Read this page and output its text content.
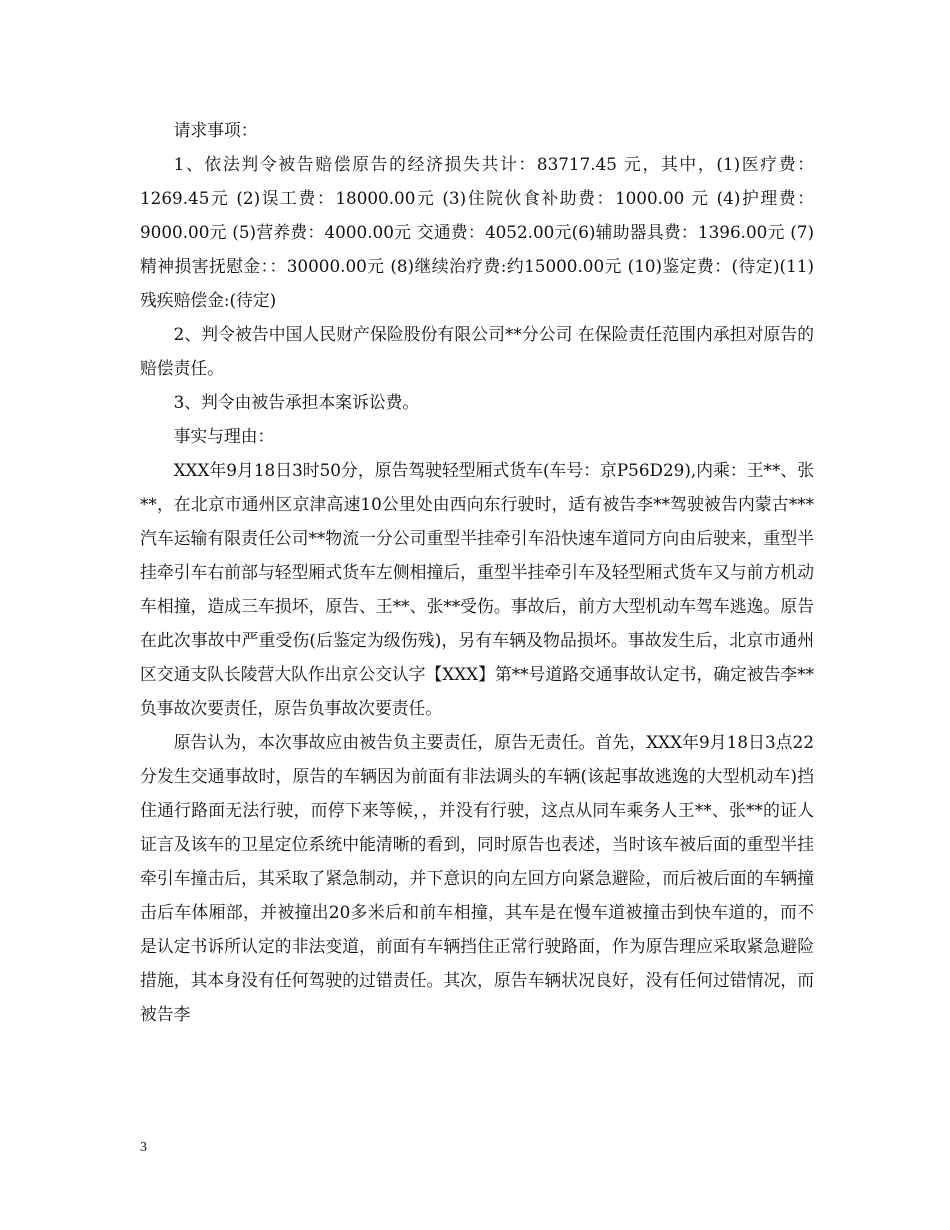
请求事项：

1、依法判令被告赔偿原告的经济损失共计：83717.45 元，其中，(1)医疗费：1269.45元 (2)误工费：18000.00元 (3)住院伙食补助费：1000.00 元 (4)护理费：9000.00元 (5)营养费：4000.00元 交通费：4052.00元(6)辅助器具费：1396.00元 (7)精神损害抚慰金：：30000.00元 (8)继续治疗费:约15000.00元 (10)鉴定费：(待定)(11)残疾赔偿金:(待定)

2、判令被告中国人民财产保险股份有限公司**分公司 在保险责任范围内承担对原告的赔偿责任。

3、判令由被告承担本案诉讼费。

事实与理由：

XXX年9月18日3时50分，原告驾驶轻型厢式货车(车号：京P56D29),内乘：王**、张**，在北京市通州区京津高速10公里处由西向东行驶时，适有被告李**驾驶被告内蒙古***汽车运输有限责任公司**物流一分公司重型半挂牵引车沿快速车道同方向由后驶来，重型半挂牵引车右前部与轻型厢式货车左侧相撞后，重型半挂牵引车及轻型厢式货车又与前方机动车相撞，造成三车损坏，原告、王**、张**受伤。事故后，前方大型机动车驾车逃逸。原告在此次事故中严重受伤(后鉴定为级伤残)，另有车辆及物品损坏。事故发生后，北京市通州区交通支队长陵营大队作出京公交认字【XXX】第**号道路交通事故认定书，确定被告李**负事故次要责任，原告负事故次要责任。

原告认为，本次事故应由被告负主要责任，原告无责任。首先，XXX年9月18日3点22分发生交通事故时，原告的车辆因为前面有非法调头的车辆(该起事故逃逸的大型机动车)挡住通行路面无法行驶，而停下来等候，，并没有行驶，这点从同车乘务人王**、张**的证人证言及该车的卫星定位系统中能清晰的看到，同时原告也表述，当时该车被后面的重型半挂牵引车撞击后，其采取了紧急制动，并下意识的向左回方向紧急避险，而后被后面的车辆撞击后车体厢部，并被撞出20多米后和前车相撞，其车是在慢车道被撞击到快车道的，而不是认定书诉所认定的非法变道，前面有车辆挡住正常行驶路面，作为原告理应采取紧急避险措施，其本身没有任何驾驶的过错责任。其次，原告车辆状况良好，没有任何过错情况，而被告李

3
